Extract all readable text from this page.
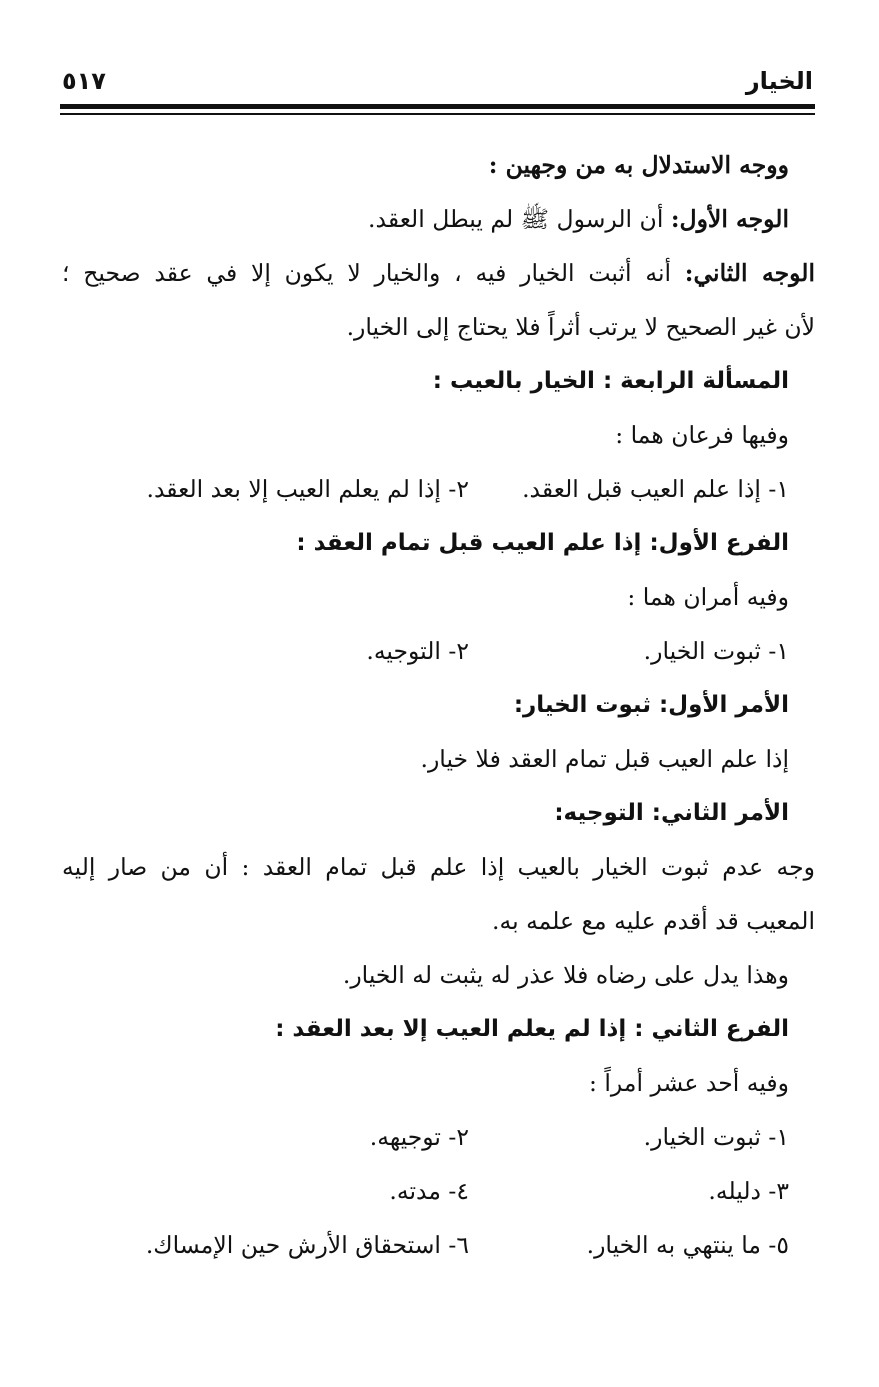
الخيار
٥١٧
ووجه الاستدلال به من وجهين :
الوجه الأول: أن الرسول ﷺ لم يبطل العقد.
الوجه الثاني: أنه أثبت الخيار فيه ، والخيار لا يكون إلا في عقد صحيح ؛
لأن غير الصحيح لا يرتب أثراً فلا يحتاج إلى الخيار.
المسألة الرابعة : الخيار بالعيب :
وفيها فرعان هما :
١- إذا علم العيب قبل العقد.
٢- إذا لم يعلم العيب إلا بعد العقد.
الفرع الأول: إذا علم العيب قبل تمام العقد :
وفيه أمران هما :
١- ثبوت الخيار.
٢- التوجيه.
الأمر الأول: ثبوت الخيار:
إذا علم العيب قبل تمام العقد فلا خيار.
الأمر الثاني: التوجيه:
وجه عدم ثبوت الخيار بالعيب إذا علم قبل تمام العقد : أن من صار إليه
المعيب قد أقدم عليه مع علمه به.
وهذا يدل على رضاه فلا عذر له يثبت له الخيار.
الفرع الثاني : إذا لم يعلم العيب إلا بعد العقد :
وفيه أحد عشر أمراً :
١- ثبوت الخيار.
٢- توجيهه.
٣- دليله.
٤- مدته.
٥- ما ينتهي به الخيار.
٦- استحقاق الأرش حين الإمساك.
